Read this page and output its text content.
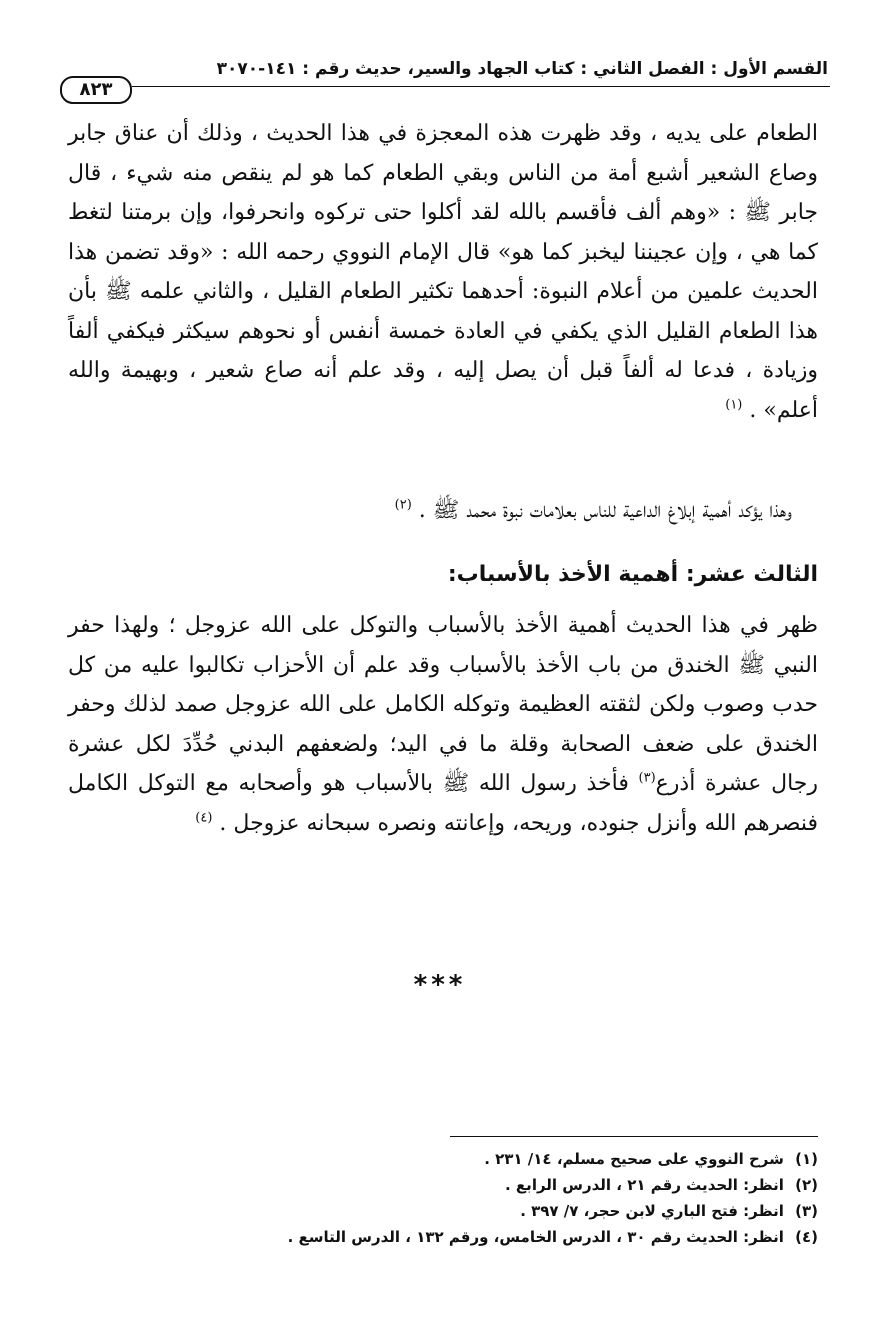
القسم الأول : الفصل الثاني : كتاب الجهاد والسير، حديث رقم : ١٤١-٣٠٧٠
٨٢٣

الطعام على يديه ، وقد ظهرت هذه المعجزة في هذا الحديث ، وذلك أن عناق جابر وصاع الشعير أشبع أمة من الناس وبقي الطعام كما هو لم ينقص منه شيء ، قال جابر ﷺ : «وهم ألف فأقسم بالله لقد أكلوا حتى تركوه وانحرفوا، وإن برمتنا لتغط كما هي ، وإن عجيننا ليخبز كما هو» قال الإمام النووي رحمه الله : «وقد تضمن هذا الحديث علمين من أعلام النبوة: أحدهما تكثير الطعام القليل ، والثاني علمه ﷺ بأن هذا الطعام القليل الذي يكفي في العادة خمسة أنفس أو نحوهم سيكثر فيكفي ألفاً وزيادة ، فدعا له ألفاً قبل أن يصل إليه ، وقد علم أنه صاع شعير ، وبهيمة والله أعلم» . $^{(١)}$

وهذا يؤكد أهمية إبلاغ الداعية للناس بعلامات نبوة محمد ﷺ . $^{(٢)}$

الثالث عشر: أهمية الأخذ بالأسباب:

ظهر في هذا الحديث أهمية الأخذ بالأسباب والتوكل على الله عزوجل ؛ ولهذا حفر النبي ﷺ الخندق من باب الأخذ بالأسباب وقد علم أن الأحزاب تكالبوا عليه من كل حدب وصوب ولكن لثقته العظيمة وتوكله الكامل على الله عزوجل صمد لذلك وحفر الخندق على ضعف الصحابة وقلة ما في اليد؛ ولضعفهم البدني حُدِّدَ لكل عشرة رجال عشرة أذرع$^{(٣)}$ فأخذ رسول الله ﷺ بالأسباب هو وأصحابه مع التوكل الكامل فنصرهم الله وأنزل جنوده، وريحه، وإعانته ونصره سبحانه عزوجل . $^{(٤)}$

***
(١) شرح النووي على صحيح مسلم، ١٤/ ٢٣١ .
(٢) انظر: الحديث رقم ٢١ ، الدرس الرابع .
(٣) انظر: فتح الباري لابن حجر، ٧/ ٣٩٧ .
(٤) انظر: الحديث رقم ٣٠ ، الدرس الخامس، ورقم ١٣٢ ، الدرس التاسع .
